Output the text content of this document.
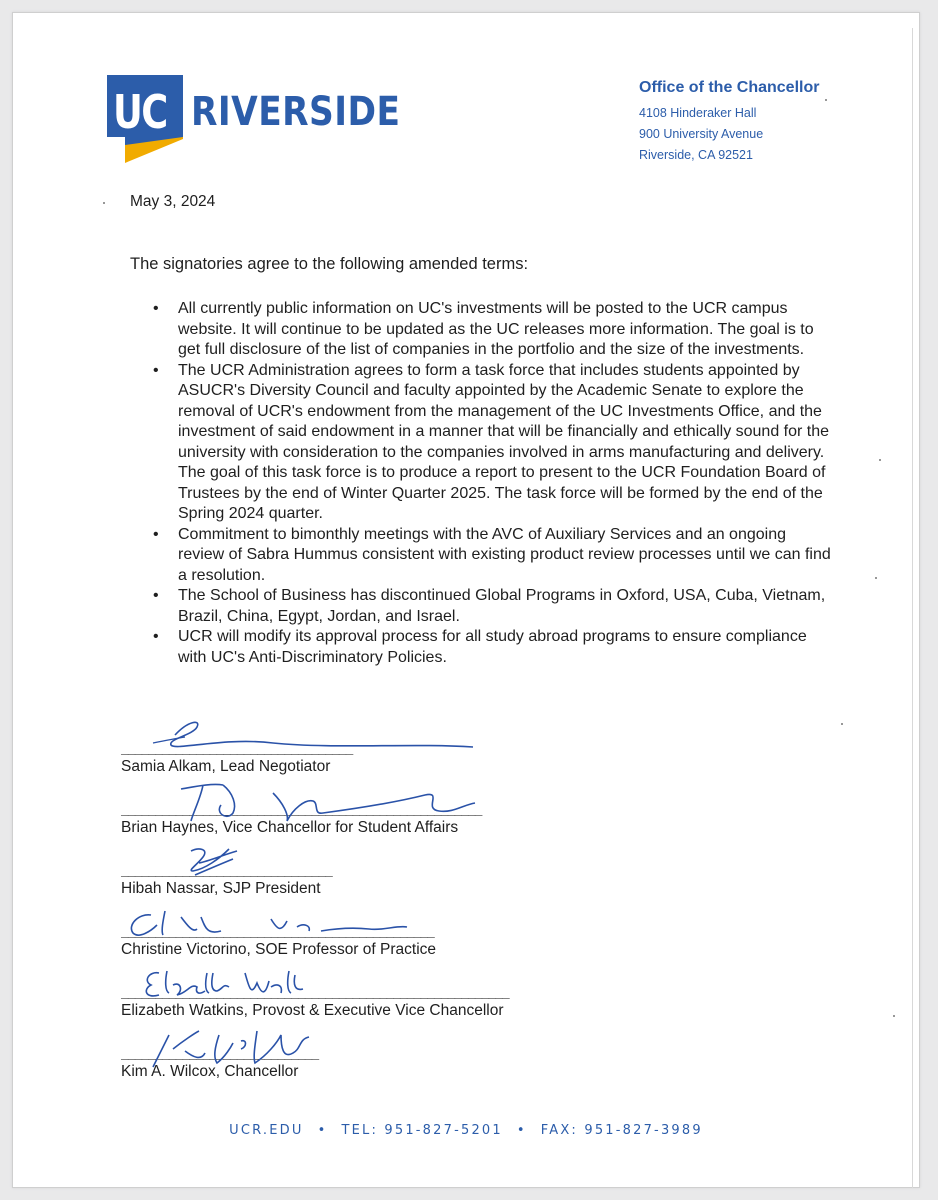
UC RIVERSIDE
Office of the Chancellor
4108 Hinderaker Hall
900 University Avenue
Riverside, CA 92521
May 3, 2024
The signatories agree to the following amended terms:
• All currently public information on UC's investments will be posted to the UCR campus website. It will continue to be updated as the UC releases more information. The goal is to get full disclosure of the list of companies in the portfolio and the size of the investments.
• The UCR Administration agrees to form a task force that includes students appointed by ASUCR's Diversity Council and faculty appointed by the Academic Senate to explore the removal of UCR's endowment from the management of the UC Investments Office, and the investment of said endowment in a manner that will be financially and ethically sound for the university with consideration to the companies involved in arms manufacturing and delivery. The goal of this task force is to produce a report to present to the UCR Foundation Board of Trustees by the end of Winter Quarter 2025. The task force will be formed by the end of the Spring 2024 quarter.
• Commitment to bimonthly meetings with the AVC of Auxiliary Services and an ongoing review of Sabra Hummus consistent with existing product review processes until we can find a resolution.
• The School of Business has discontinued Global Programs in Oxford, USA, Cuba, Vietnam, Brazil, China, Egypt, Jordan, and Israel.
• UCR will modify its approval process for all study abroad programs to ensure compliance with UC's Anti-Discriminatory Policies.
__________________________________
Samia Alkam, Lead Negotiator
_____________________________________________________
Brian Haynes, Vice Chancellor for Student Affairs
_______________________________
Hibah Nassar, SJP President
______________________________________________
Christine Victorino, SOE Professor of Practice
_________________________________________________________
Elizabeth Watkins, Provost & Executive Vice Chancellor
_____________________________
Kim A. Wilcox, Chancellor
UCR.EDU • TEL: 951-827-5201 • FAX: 951-827-3989
